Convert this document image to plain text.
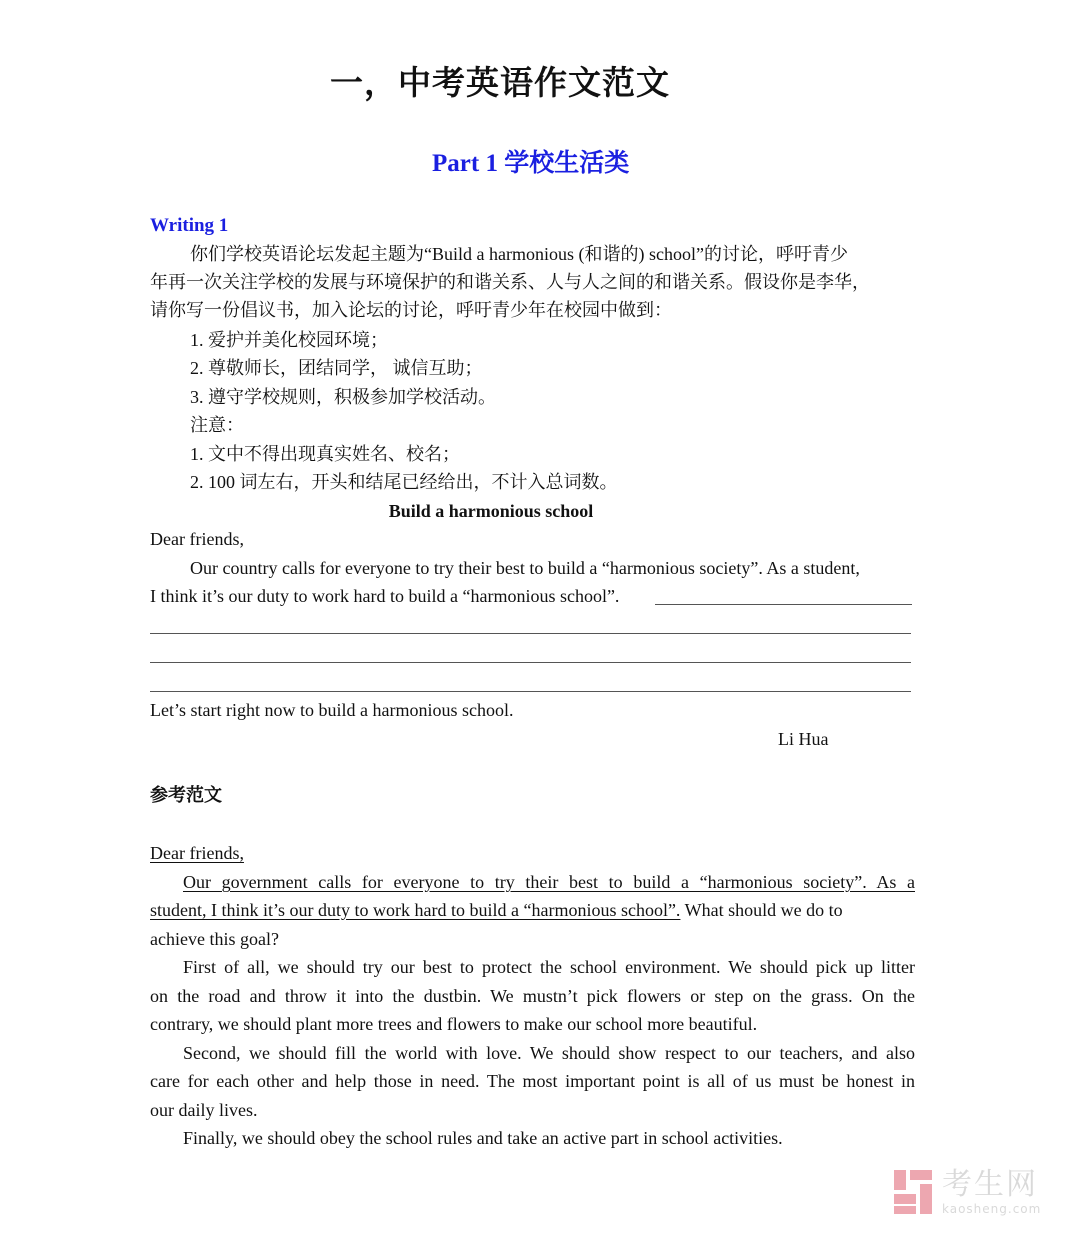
一，中考英语作文范文
Part 1 学校生活类
Writing 1
你们学校英语论坛发起主题为“Build a harmonious (和谐的) school”的讨论，呼吁青少
年再一次关注学校的发展与环境保护的和谐关系、人与人之间的和谐关系。假设你是李华，
请你写一份倡议书，加入论坛的讨论，呼吁青少年在校园中做到：
1. 爱护并美化校园环境；
2. 尊敬师长，团结同学， 诚信互助；
3. 遵守学校规则，积极参加学校活动。
注意：
1. 文中不得出现真实姓名、校名；
2. 100 词左右，开头和结尾已经给出，不计入总词数。
Build a harmonious school
Dear friends,
Our country calls for everyone to try their best to build a “harmonious society”. As a student,
I think it’s our duty to work hard to build a “harmonious school”.
Let’s start right now to build a harmonious school.
Li Hua
参考范文
Dear friends,
Our government calls for everyone to try their best to build a “harmonious society”. As a
student, I think it’s our duty to work hard to build a “harmonious school”. What should we do to
achieve this goal?
First of all, we should try our best to protect the school environment. We should pick up litter
on the road and throw it into the dustbin. We mustn’t pick flowers or step on the grass. On the
contrary, we should plant more trees and flowers to make our school more beautiful.
Second, we should fill the world with love. We should show respect to our teachers, and also
care for each other and help those in need. The most important point is all of us must be honest in
our daily lives.
Finally, we should obey the school rules and take an active part in school activities.
考生网
kaosheng.com
